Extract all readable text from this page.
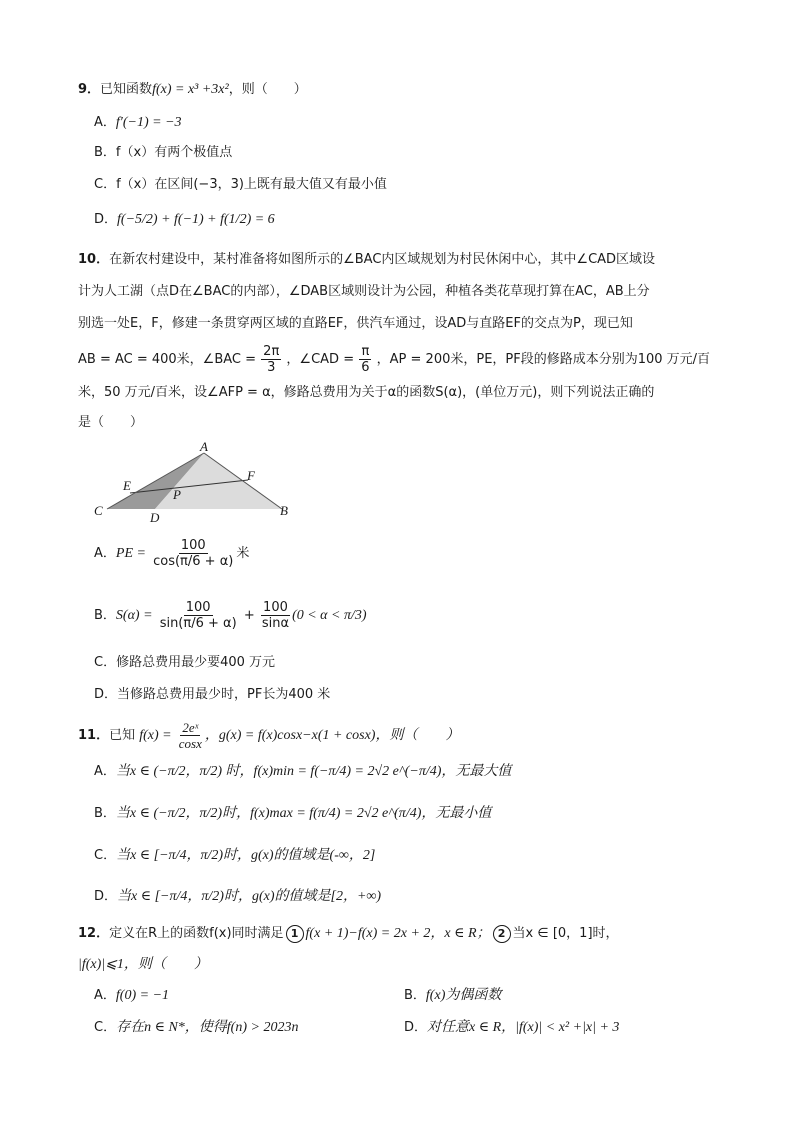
9．已知函数f(x) = x³ +3x²，则（　　）
A．f′(−1) = −3
B．f（x）有两个极值点
C．f（x）在区间(−3，3)上既有最大值又有最小值
D．f(−5/2) + f(−1) + f(1/2) = 6
10．在新农村建设中，某村准备将如图所示的∠BAC内区域规划为村民休闲中心，其中∠CAD区域设
计为人工湖（点D在∠BAC的内部），∠DAB区域则设计为公园，种植各类花草现打算在AC，AB上分
别选一处E，F，修建一条贯穿两区域的直路EF，供汽车通过，设AD与直路EF的交点为P，现已知
AB = AC = 400米，∠BAC = $\frac{2\pi}{3}$ ，∠CAD = $\frac{\pi}{6}$ ，AP = 200米，PE，PF段的修路成本分别为100 万元/百
米，50 万元/百米，设∠AFP = α，修路总费用为关于α的函数S(α)，(单位万元)，则下列说法正确的
是（　　）
A
B
C	D
E
F
P
A．PE = $\frac{100}{\cos(\pi/6 + \alpha)}$ 米
B．$S(\alpha) = \frac{100}{\sin(\pi/6 + \alpha)} + \frac{100}{\sin\alpha} (0 < \alpha < \pi/3)$
C．修路总费用最少要400 万元
D．当修路总费用最少时，PF长为400 米
11．已知 $f(x) = \frac{\text{2eˣ}}{\cos x}$ ，g(x) = f(x)cosx−x(1 + cosx)，则（　　）
A．当x ∈ (−π/2，π/2) 时，f(x)min = f(−π/4) = 2√2 e^(−π/4)，无最大值
B．当x ∈ (−π/2，π/2)时，f(x)max = f(π/4) = 2√2 e^(π/4)，无最小值
C．当x ∈ [−π/4，π/2)时，g(x)的值域是(-∞，2]
D．当x ∈ [−π/4，π/2)时，g(x)的值域是[2，+∞)
12．定义在R上的函数f(x)同时满足 1 f(x + 1)−f(x) = 2x + 2，x ∈ R； 2 当x ∈ [0，1]时，
|f(x)|⩽1，则（　　）
A．f(0) = −1	B．f(x)为偶函数
C．存在n ∈ N*，使得f(n) > 2023n	D．对任意x ∈ R，|f(x)| < x² +|x| + 3
